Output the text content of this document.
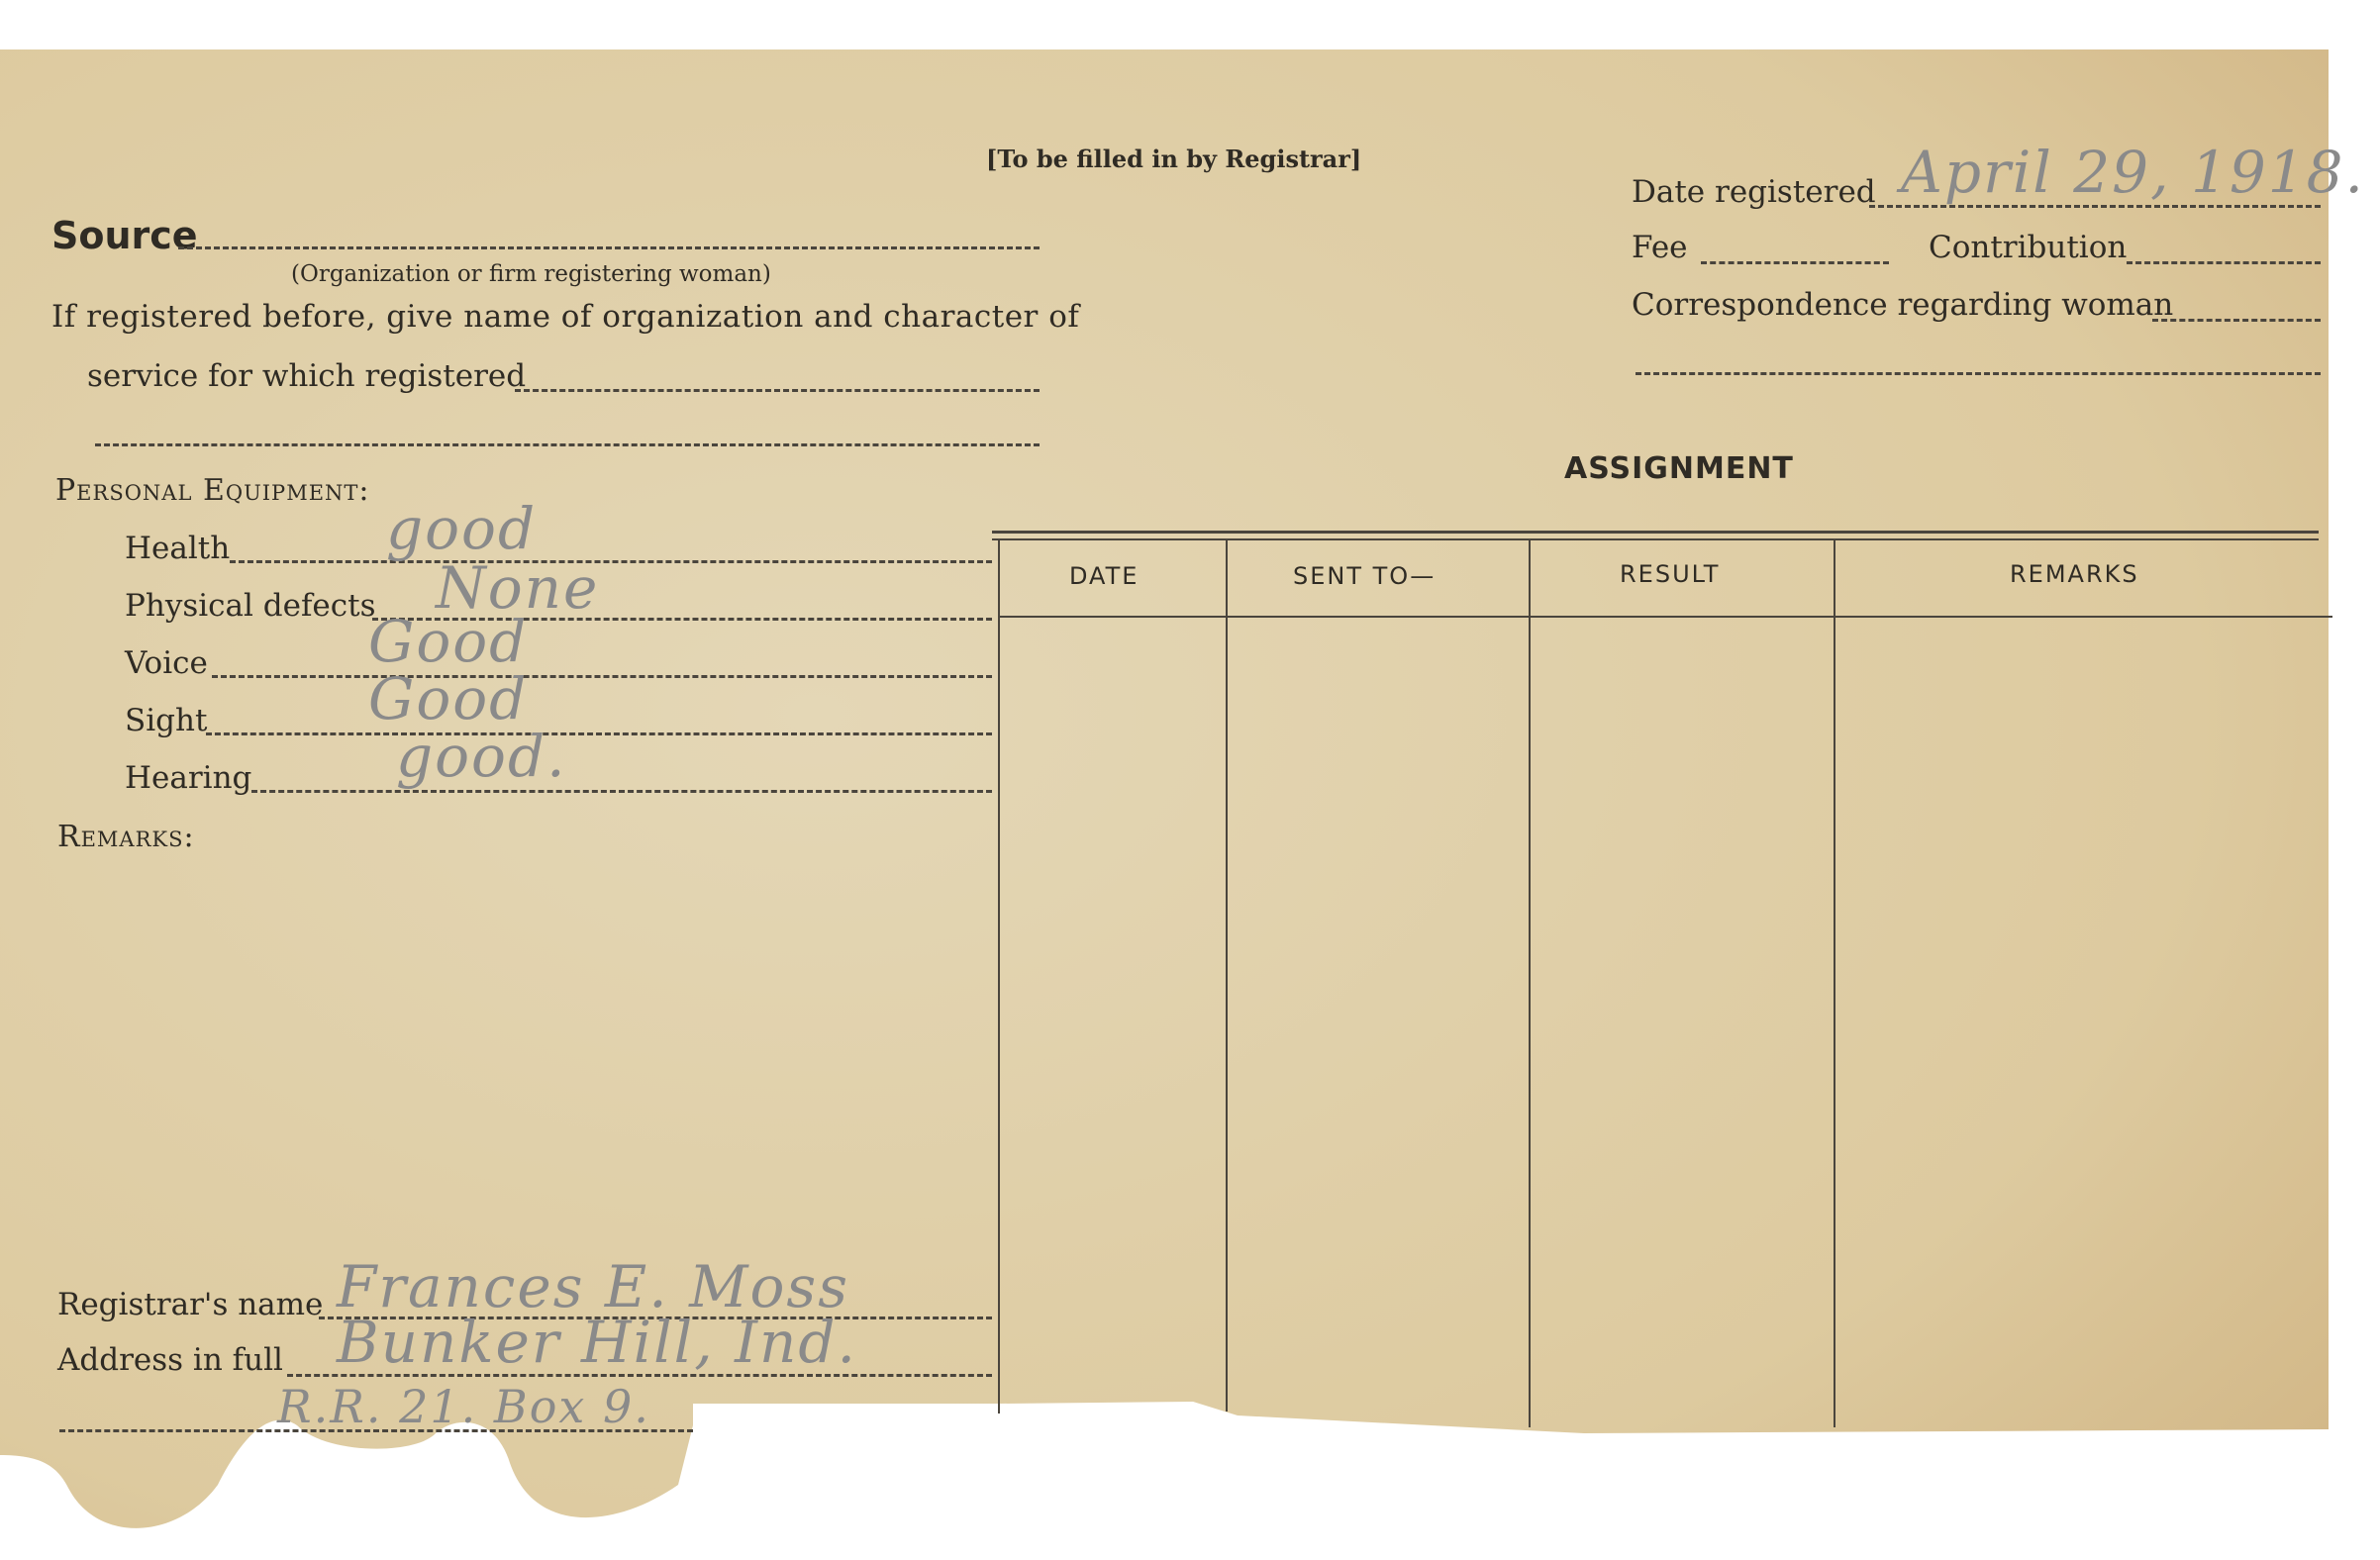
[To be filled in by Registrar]
Source
(Organization or firm registering woman)
If registered before, give name of organization and character of
service for which registered
Date registered April 29, 1918.
Fee	Contribution
Correspondence regarding woman
Personal Equipment:
Health	good
Physical defects None
Voice	Good
Sight	Good
Hearing	good.
Remarks:
ASSIGNMENT
DATE	SENT TO—	RESULT	REMARKS
Registrar's name Frances E. Moss
Address in full Bunker Hill, Ind.
R.R. 21. Box 9.
